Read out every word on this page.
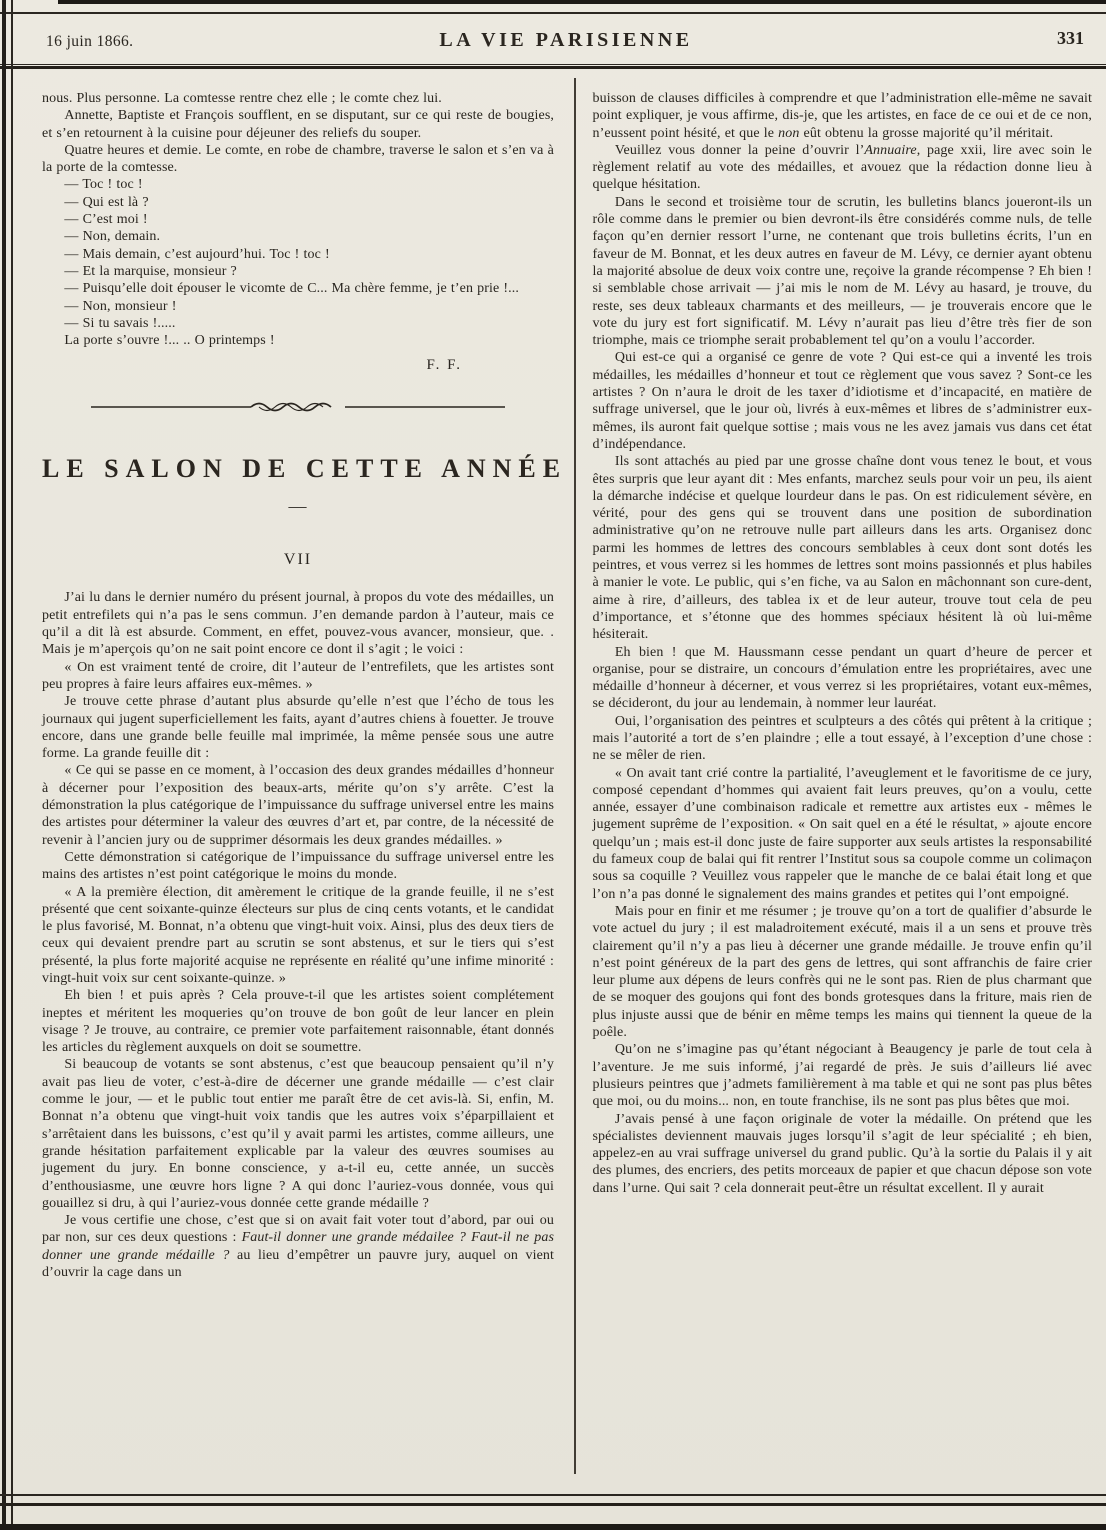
16 juin 1866.	LA VIE PARISIENNE	331

nous. Plus personne. La comtesse rentre chez elle ; le comte chez lui.

Annette, Baptiste et François soufflent, en se disputant, sur ce qui reste de bougies, et s’en retournent à la cuisine pour déjeuner des reliefs du souper.

Quatre heures et demie. Le comte, en robe de chambre, traverse le salon et s’en va à la porte de la comtesse.

— Toc ! toc !

— Qui est là ?

— C’est moi !

— Non, demain.

— Mais demain, c’est aujourd’hui. Toc ! toc !

— Et la marquise, monsieur ?

— Puisqu’elle doit épouser le vicomte de C... Ma chère femme, je t’en prie !...

— Non, monsieur !

— Si tu savais !.....

La porte s’ouvre !... .. O printemps !

F. F.

LE SALON DE CETTE ANNÉE
—
VII

J’ai lu dans le dernier numéro du présent journal, à propos du vote des médailles, un petit entrefilets qui n’a pas le sens commun. J’en demande pardon à l’auteur, mais ce qu’il a dit là est absurde. Comment, en effet, pouvez-vous avancer, monsieur, que. . Mais je m’aperçois qu’on ne sait point encore ce dont il s’agit ; le voici :

« On est vraiment tenté de croire, dit l’auteur de l’entrefilets, que les artistes sont peu propres à faire leurs affaires eux-mêmes. »

Je trouve cette phrase d’autant plus absurde qu’elle n’est que l’écho de tous les journaux qui jugent superficiellement les faits, ayant d’autres chiens à fouetter. Je trouve encore, dans une grande belle feuille mal imprimée, la même pensée sous une autre forme. La grande feuille dit :

« Ce qui se passe en ce moment, à l’occasion des deux grandes médailles d’honneur à décerner pour l’exposition des beaux-arts, mérite qu’on s’y arrête. C’est la démonstration la plus catégorique de l’impuissance du suffrage universel entre les mains des artistes pour déterminer la valeur des œuvres d’art et, par contre, de la nécessité de revenir à l’ancien jury ou de supprimer désormais les deux grandes médailles. »

Cette démonstration si catégorique de l’impuissance du suffrage universel entre les mains des artistes n’est point catégorique le moins du monde.

« A la première élection, dit amèrement le critique de la grande feuille, il ne s’est présenté que cent soixante-quinze électeurs sur plus de cinq cents votants, et le candidat le plus favorisé, M. Bonnat, n’a obtenu que vingt-huit voix. Ainsi, plus des deux tiers de ceux qui devaient prendre part au scrutin se sont abstenus, et sur le tiers qui s’est présenté, la plus forte majorité acquise ne représente en réalité qu’une infime minorité : vingt-huit voix sur cent soixante-quinze. »

Eh bien ! et puis après ? Cela prouve-t-il que les artistes soient complétement ineptes et méritent les moqueries qu’on trouve de bon goût de leur lancer en plein visage ? Je trouve, au contraire, ce premier vote parfaitement raisonnable, étant donnés les articles du règlement auxquels on doit se soumettre.

Si beaucoup de votants se sont abstenus, c’est que beaucoup pensaient qu’il n’y avait pas lieu de voter, c’est-à-dire de décerner une grande médaille — c’est clair comme le jour, — et le public tout entier me paraît être de cet avis-là. Si, enfin, M. Bonnat n’a obtenu que vingt-huit voix tandis que les autres voix s’éparpillaient et s’arrêtaient dans les buissons, c’est qu’il y avait parmi les artistes, comme ailleurs, une grande hésitation parfaitement explicable par la valeur des œuvres soumises au jugement du jury. En bonne conscience, y a-t-il eu, cette année, un succès d’enthousiasme, une œuvre hors ligne ? A qui donc l’auriez-vous donnée, vous qui gouaillez si dru, à qui l’auriez-vous donnée cette grande médaille ?

Je vous certifie une chose, c’est que si on avait fait voter tout d’abord, par oui ou par non, sur ces deux questions : Faut-il donner une grande médailee ? Faut-il ne pas donner une grande médaille ? au lieu d’empêtrer un pauvre jury, auquel on vient d’ouvrir la cage dans un

buisson de clauses difficiles à comprendre et que l’administration elle-même ne savait point expliquer, je vous affirme, dis-je, que les artistes, en face de ce oui et de ce non, n’eussent point hésité, et que le non eût obtenu la grosse majorité qu’il méritait.

Veuillez vous donner la peine d’ouvrir l’Annuaire, page xxii, lire avec soin le règlement relatif au vote des médailles, et avouez que la rédaction donne lieu à quelque hésitation.

Dans le second et troisième tour de scrutin, les bulletins blancs joueront-ils un rôle comme dans le premier ou bien devront-ils être considérés comme nuls, de telle façon qu’en dernier ressort l’urne, ne contenant que trois bulletins écrits, l’un en faveur de M. Bonnat, et les deux autres en faveur de M. Lévy, ce dernier ayant obtenu la majorité absolue de deux voix contre une, reçoive la grande récompense ? Eh bien ! si semblable chose arrivait — j’ai mis le nom de M. Lévy au hasard, je trouve, du reste, ses deux tableaux charmants et des meilleurs, — je trouverais encore que le vote du jury est fort significatif. M. Lévy n’aurait pas lieu d’être très fier de son triomphe, mais ce triomphe serait probablement tel qu’on a voulu l’accorder.

Qui est-ce qui a organisé ce genre de vote ? Qui est-ce qui a inventé les trois médailles, les médailles d’honneur et tout ce règlement que vous savez ? Sont-ce les artistes ? On n’aura le droit de les taxer d’idiotisme et d’incapacité, en matière de suffrage universel, que le jour où, livrés à eux-mêmes et libres de s’administrer eux-mêmes, ils auront fait quelque sottise ; mais vous ne les avez jamais vus dans cet état d’indépendance.

Ils sont attachés au pied par une grosse chaîne dont vous tenez le bout, et vous êtes surpris que leur ayant dit : Mes enfants, marchez seuls pour voir un peu, ils aient la démarche indécise et quelque lourdeur dans le pas. On est ridiculement sévère, en vérité, pour des gens qui se trouvent dans une position de subordination administrative qu’on ne retrouve nulle part ailleurs dans les arts. Organisez donc parmi les hommes de lettres des concours semblables à ceux dont sont dotés les peintres, et vous verrez si les hommes de lettres sont moins passionnés et plus habiles à manier le vote. Le public, qui s’en fiche, va au Salon en mâchonnant son cure-dent, aime à rire, d’ailleurs, des tablea ix et de leur auteur, trouve tout cela de peu d’importance, et s’étonne que des hommes spéciaux hésitent là où lui-même hésiterait.

Eh bien ! que M. Haussmann cesse pendant un quart d’heure de percer et organise, pour se distraire, un concours d’émulation entre les propriétaires, avec une médaille d’honneur à décerner, et vous verrez si les propriétaires, votant eux-mêmes, se décideront, du jour au lendemain, à nommer leur lauréat.

Oui, l’organisation des peintres et sculpteurs a des côtés qui prêtent à la critique ; mais l’autorité a tort de s’en plaindre ; elle a tout essayé, à l’exception d’une chose : ne se mêler de rien.

« On avait tant crié contre la partialité, l’aveuglement et le favoritisme de ce jury, composé cependant d’hommes qui avaient fait leurs preuves, qu’on a voulu, cette année, essayer d’une combinaison radicale et remettre aux artistes eux - mêmes le jugement suprême de l’exposition. « On sait quel en a été le résultat, » ajoute encore quelqu’un ; mais est-il donc juste de faire supporter aux seuls artistes la responsabilité du fameux coup de balai qui fit rentrer l’Institut sous sa coupole comme un colimaçon sous sa coquille ? Veuillez vous rappeler que le manche de ce balai était long et que l’on n’a pas donné le signalement des mains grandes et petites qui l’ont empoigné.

Mais pour en finir et me résumer ; je trouve qu’on a tort de qualifier d’absurde le vote actuel du jury ; il est maladroitement exécuté, mais il a un sens et prouve très clairement qu’il n’y a pas lieu à décerner une grande médaille. Je trouve enfin qu’il n’est point généreux de la part des gens de lettres, qui sont affranchis de faire crier leur plume aux dépens de leurs confrès qui ne le sont pas. Rien de plus charmant que de se moquer des goujons qui font des bonds grotesques dans la friture, mais rien de plus injuste aussi que de bénir en même temps les mains qui tiennent la queue de la poêle.

Qu’on ne s’imagine pas qu’étant négociant à Beaugency je parle de tout cela à l’aventure. Je me suis informé, j’ai regardé de près. Je suis d’ailleurs lié avec plusieurs peintres que j’admets familièrement à ma table et qui ne sont pas plus bêtes que moi, ou du moins... non, en toute franchise, ils ne sont pas plus bêtes que moi.

J’avais pensé à une façon originale de voter la médaille. On prétend que les spécialistes deviennent mauvais juges lorsqu’il s’agit de leur spécialité ; eh bien, appelez-en au vrai suffrage universel du grand public. Qu’à la sortie du Palais il y ait des plumes, des encriers, des petits morceaux de papier et que chacun dépose son vote dans l’urne. Qui sait ? cela donnerait peut-être un résultat excellent. Il y aurait
